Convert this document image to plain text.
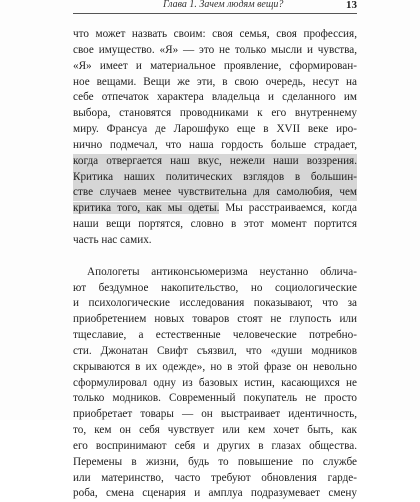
Глава 1. Зачем людям вещи?	13
что может назвать своим: своя семья, своя профессия,
свое имущество. «Я» — это не только мысли и чувства,
«Я» имеет и материальное проявление, сформирован-
ное вещами. Вещи же эти, в свою очередь, несут на
себе отпечаток характера владельца и сделанного им
выбора, становятся проводниками к его внутреннему
миру. Франсуа де Ларошфуко еще в XVII веке иро-
нично подмечал, что наша гордость больше страдает,
когда отвергается наш вкус, нежели наши воззрения.
Критика наших политических взглядов в большин-
стве случаев менее чувствительна для самолюбия, чем
критика того, как мы одеты. Мы расстраиваемся, когда
наши вещи портятся, словно в этот момент портится
часть нас самих.
Апологеты антиконсьюмеризма неустанно обличa-
ют бездумное накопительство, но социологические
и психологические исследования показывают, что за
приобретением новых товаров стоят не глупость или
тщеславие, а естественные человеческие потребно-
сти. Джонатан Свифт съязвил, что «души модников
скрываются в их одежде», но в этой фразе он невольно
сформулировал одну из базовых истин, касающихся не
только модников. Современный покупатель не просто
приобретает товары — он выстраивает идентичность,
то, кем он себя чувствует или кем хочет быть, как
его воспринимают себя и других в глазах общества.
Перемены в жизни, будь то повышение по службе
или материнство, часто требуют обновления гарде-
роба, смена сценария и амплуа подразумевает смену
